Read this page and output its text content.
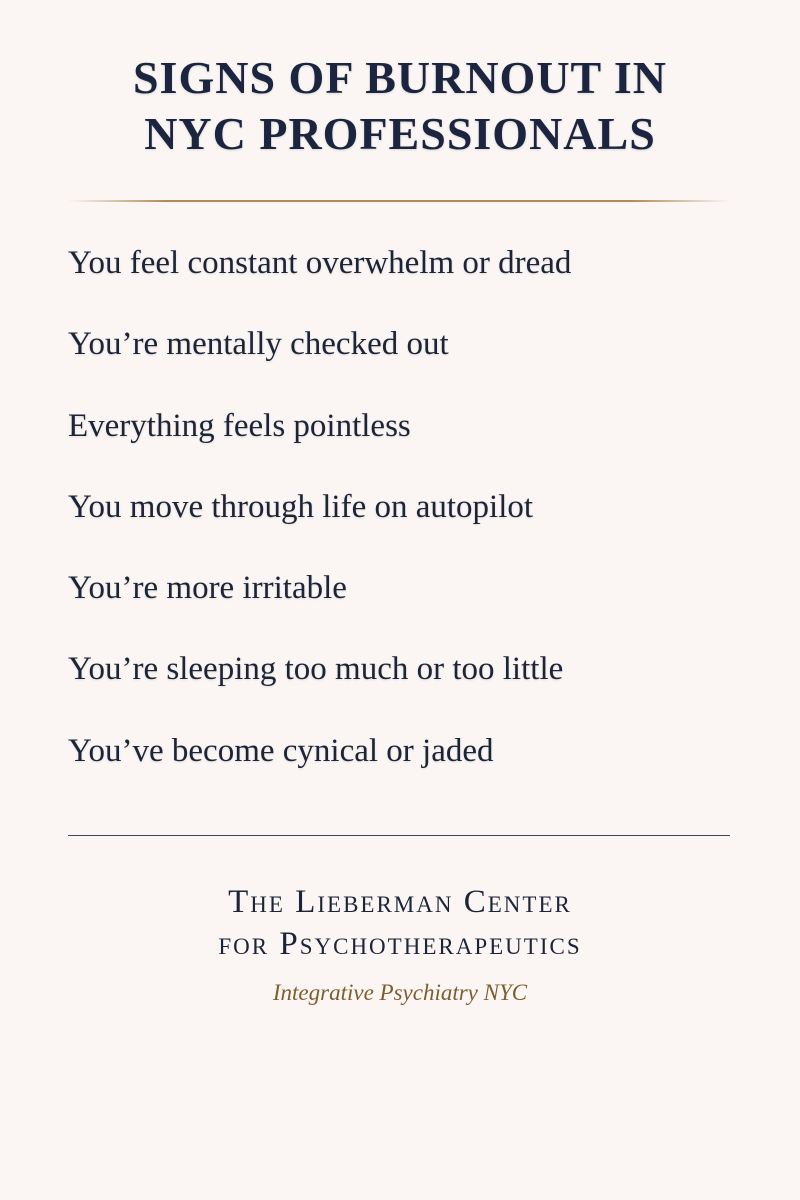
SIGNS OF BURNOUT IN
NYC PROFESSIONALS
You feel constant overwhelm or dread
You’re mentally checked out
Everything feels pointless
You move through life on autopilot
You’re more irritable
You’re sleeping too much or too little
You’ve become cynical or jaded
The Lieberman Center
for Psychotherapeutics
Integrative Psychiatry NYC
